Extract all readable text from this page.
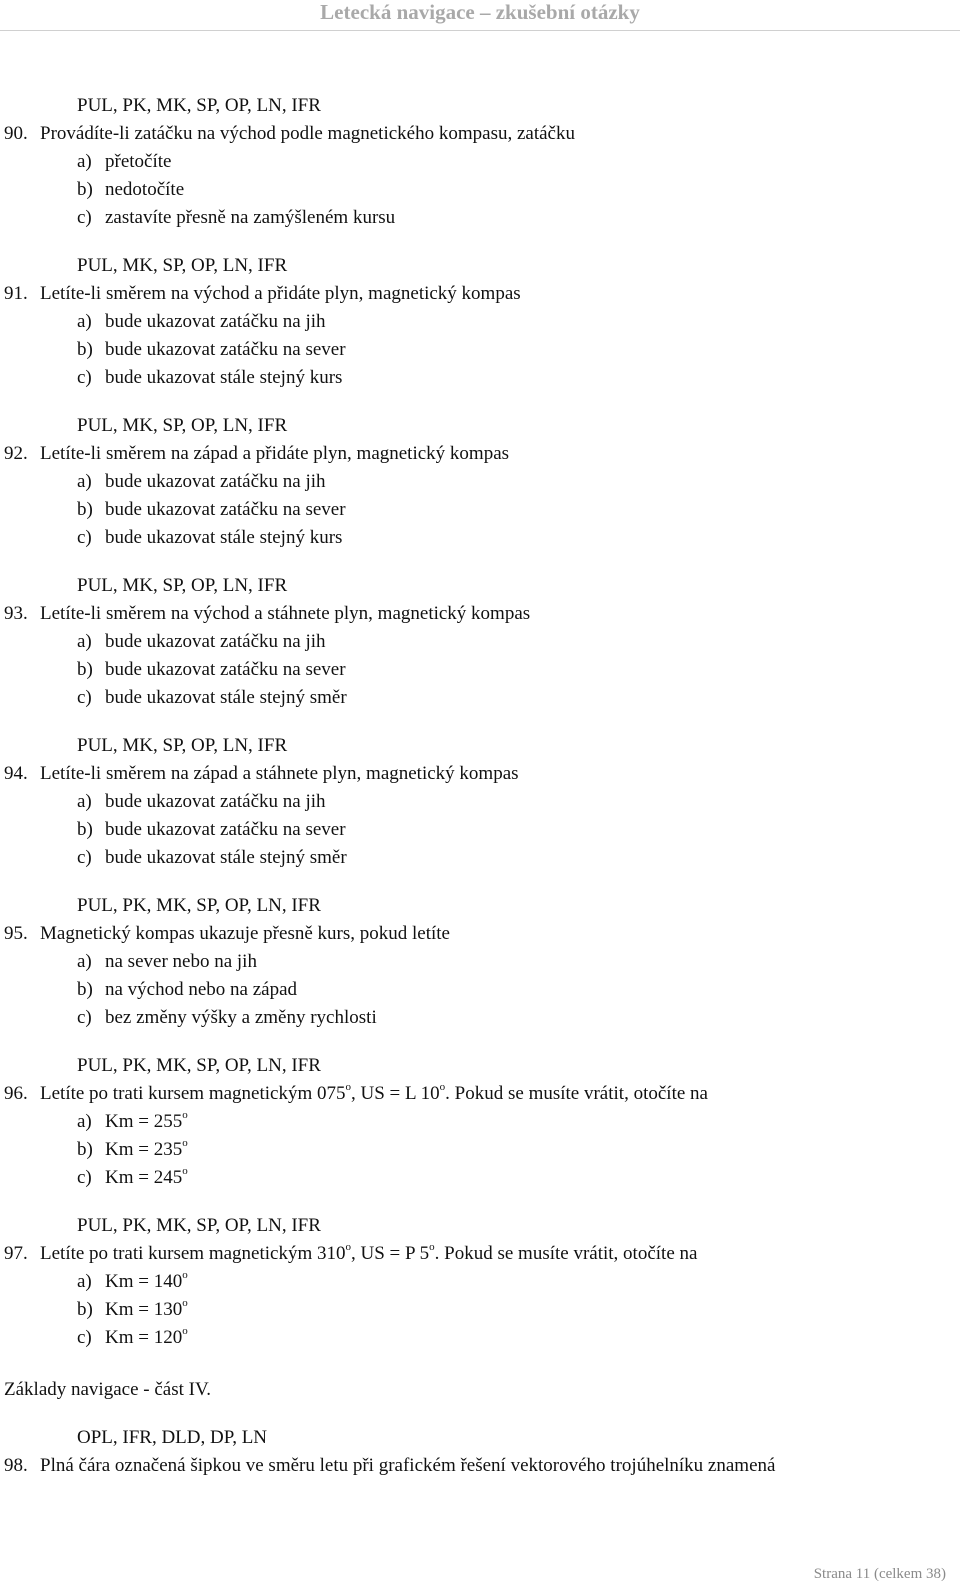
Letecká navigace – zkušební otázky
PUL, PK, MK, SP, OP, LN, IFR
90. Provádíte-li zatáčku na východ podle magnetického kompasu, zatáčku
a) přetočíte
b) nedotočíte
c) zastavíte přesně na zamýšleném kursu
PUL, MK, SP, OP, LN, IFR
91. Letíte-li směrem na východ a přidáte plyn, magnetický kompas
a) bude ukazovat zatáčku na jih
b) bude ukazovat zatáčku na sever
c) bude ukazovat stále stejný kurs
PUL, MK, SP, OP, LN, IFR
92. Letíte-li směrem na západ a přidáte plyn, magnetický kompas
a) bude ukazovat zatáčku na jih
b) bude ukazovat zatáčku na sever
c) bude ukazovat stále stejný kurs
PUL, MK, SP, OP, LN, IFR
93. Letíte-li směrem na východ a stáhnete plyn, magnetický kompas
a) bude ukazovat zatáčku na jih
b) bude ukazovat zatáčku na sever
c) bude ukazovat stále stejný směr
PUL, MK, SP, OP, LN, IFR
94. Letíte-li směrem na západ a stáhnete plyn, magnetický kompas
a) bude ukazovat zatáčku na jih
b) bude ukazovat zatáčku na sever
c) bude ukazovat stále stejný směr
PUL, PK, MK, SP, OP, LN, IFR
95. Magnetický kompas ukazuje přesně kurs, pokud letíte
a) na sever nebo na jih
b) na východ nebo na západ
c) bez změny výšky a změny rychlosti
PUL, PK, MK, SP, OP, LN, IFR
96. Letíte po trati kursem magnetickým 075$^o$, US = L 10$^o$. Pokud se musíte vrátit, otočíte na
a) $Km = 255^o$
b) $Km = 235^o$
c) $Km = 245^o$
PUL, PK, MK, SP, OP, LN, IFR
97. Letíte po trati kursem magnetickým 310$^o$, US = P 5$^o$. Pokud se musíte vrátit, otočíte na
a) $Km = 140^o$
b) $Km = 130^o$
c) $Km = 120^o$
Základy navigace - část IV.
OPL, IFR, DLD, DP, LN
98. Plná čára označená šipkou ve směru letu při grafickém řešení vektorového trojúhelníku znamená
Strana 11 (celkem 38)
